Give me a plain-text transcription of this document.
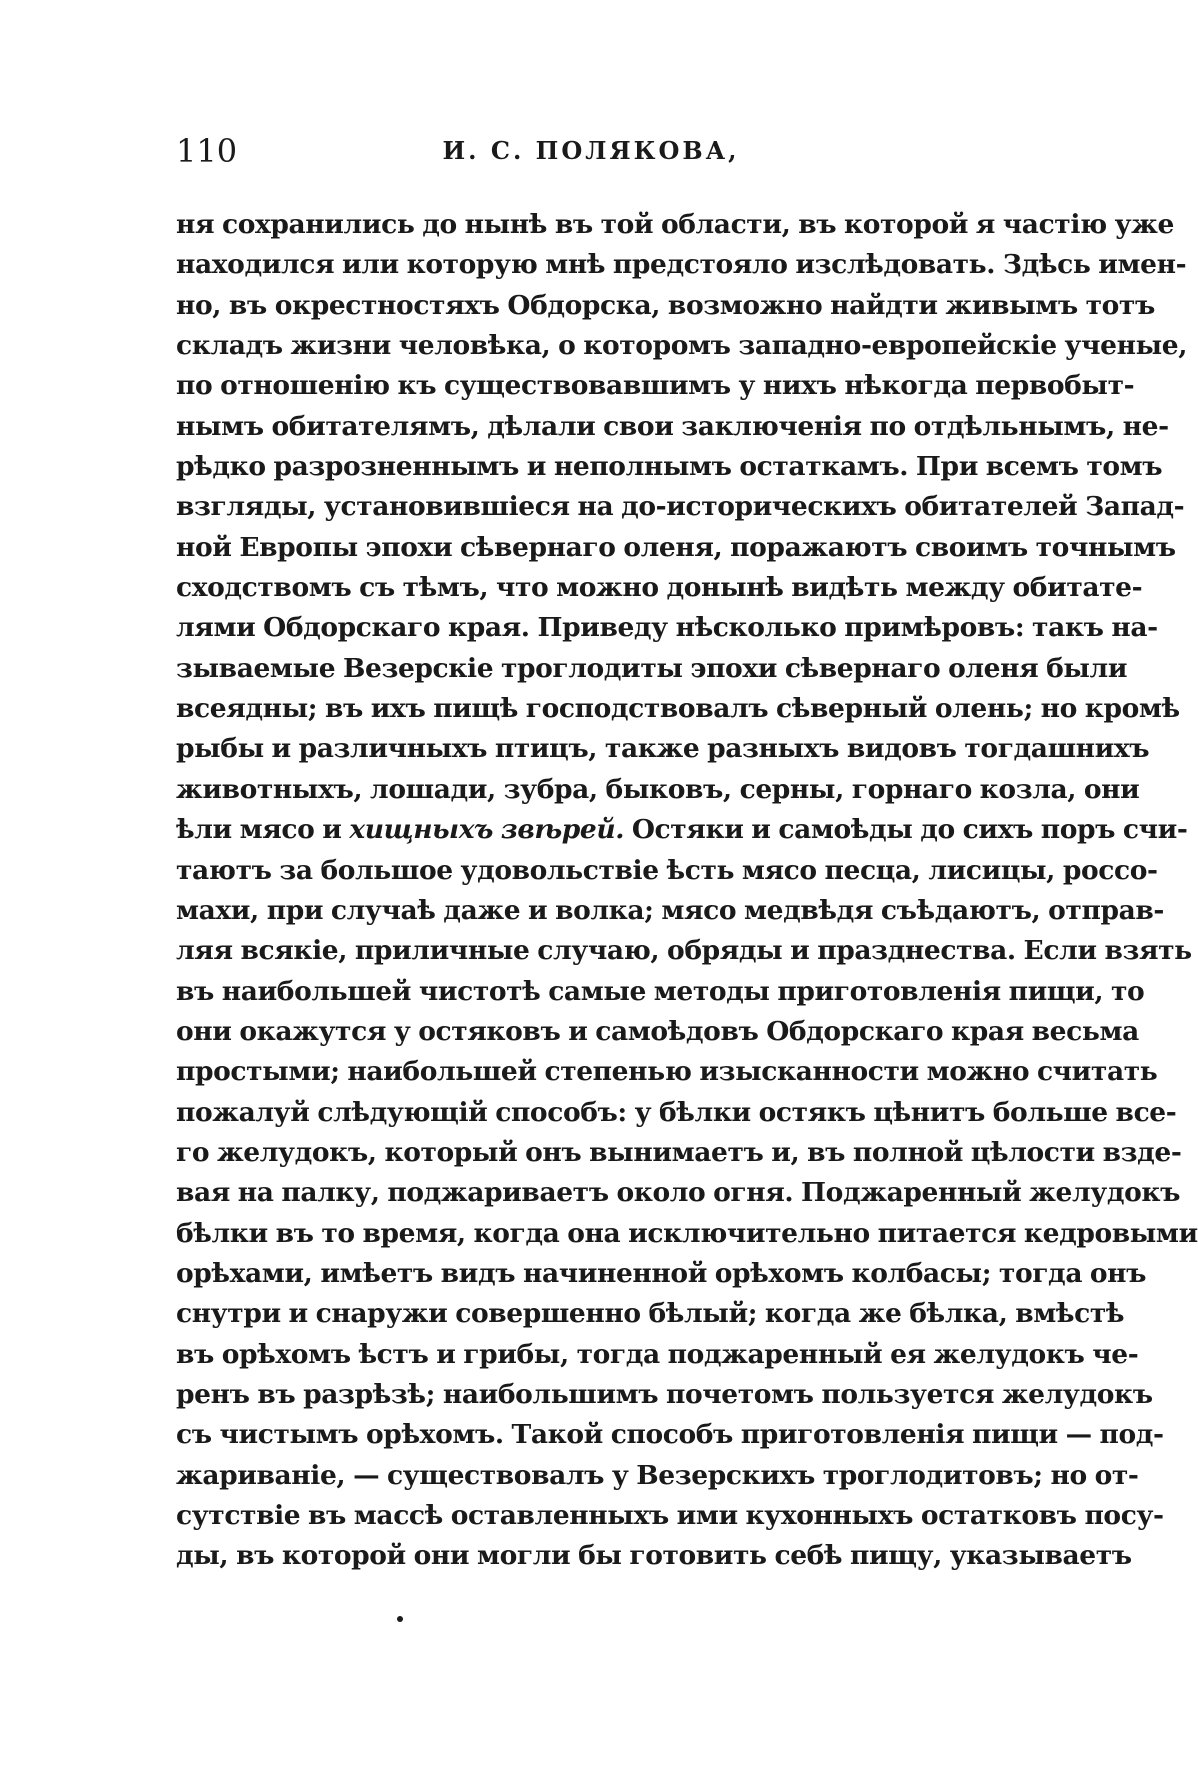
110	И. С. ПОЛЯКОВА,
ня сохранились до нынѣ въ той области, въ которой я частію уже
находился или которую мнѣ предстояло изслѣдовать. Здѣсь имен-
но, въ окрестностяхъ Обдорска, возможно найдти живымъ тотъ
складъ жизни человѣка, о которомъ западно-европейскіе ученые,
по отношенію къ существовавшимъ у нихъ нѣкогда первобыт-
нымъ обитателямъ, дѣлали свои заключенія по отдѣльнымъ, не-
рѣдко разрозненнымъ и неполнымъ остаткамъ. При всемъ томъ
взгляды, установившіеся на до-историческихъ обитателей Запад-
ной Европы эпохи сѣвернаго оленя, поражаютъ своимъ точнымъ
сходствомъ съ тѣмъ, что можно донынѣ видѣть между обитате-
лями Обдорскаго края. Приведу нѣсколько примѣровъ: такъ на-
зываемые Везерскіе троглодиты эпохи сѣвернаго оленя были
всеядны; въ ихъ пищѣ господствовалъ сѣверный олень; но кромѣ
рыбы и различныхъ птицъ, также разныхъ видовъ тогдашнихъ
животныхъ, лошади, зубра, быковъ, серны, горнаго козла, они
ѣли мясо и хищныхъ звѣрей. Остяки и самоѣды до сихъ поръ счи-
таютъ за большое удовольствіе ѣсть мясо песца, лисицы, россо-
махи, при случаѣ даже и волка; мясо медвѣдя съѣдаютъ, отправ-
ляя всякіе, приличные случаю, обряды и празднества. Если взять
въ наибольшей чистотѣ самые методы приготовленія пищи, то
они окажутся у остяковъ и самоѣдовъ Обдорскаго края весьма
простыми; наибольшей степенью изысканности можно считать
пожалуй слѣдующій способъ: у бѣлки остякъ цѣнитъ больше все-
го желудокъ, который онъ вынимаетъ и, въ полной цѣлости взде-
вая на палку, поджариваетъ около огня. Поджаренный желудокъ
бѣлки въ то время, когда она исключительно питается кедровыми
орѣхами, имѣетъ видъ начиненной орѣхомъ колбасы; тогда онъ
снутри и снаружи совершенно бѣлый; когда же бѣлка, вмѣстѣ
въ орѣхомъ ѣстъ и грибы, тогда поджаренный ея желудокъ че-
ренъ въ разрѣзѣ; наибольшимъ почетомъ пользуется желудокъ
съ чистымъ орѣхомъ. Такой способъ приготовленія пищи — под-
жариваніе, — существовалъ у Везерскихъ троглодитовъ; но от-
сутствіе въ массѣ оставленныхъ ими кухонныхъ остатковъ посу-
ды, въ которой они могли бы готовить себѣ пищу, указываетъ
